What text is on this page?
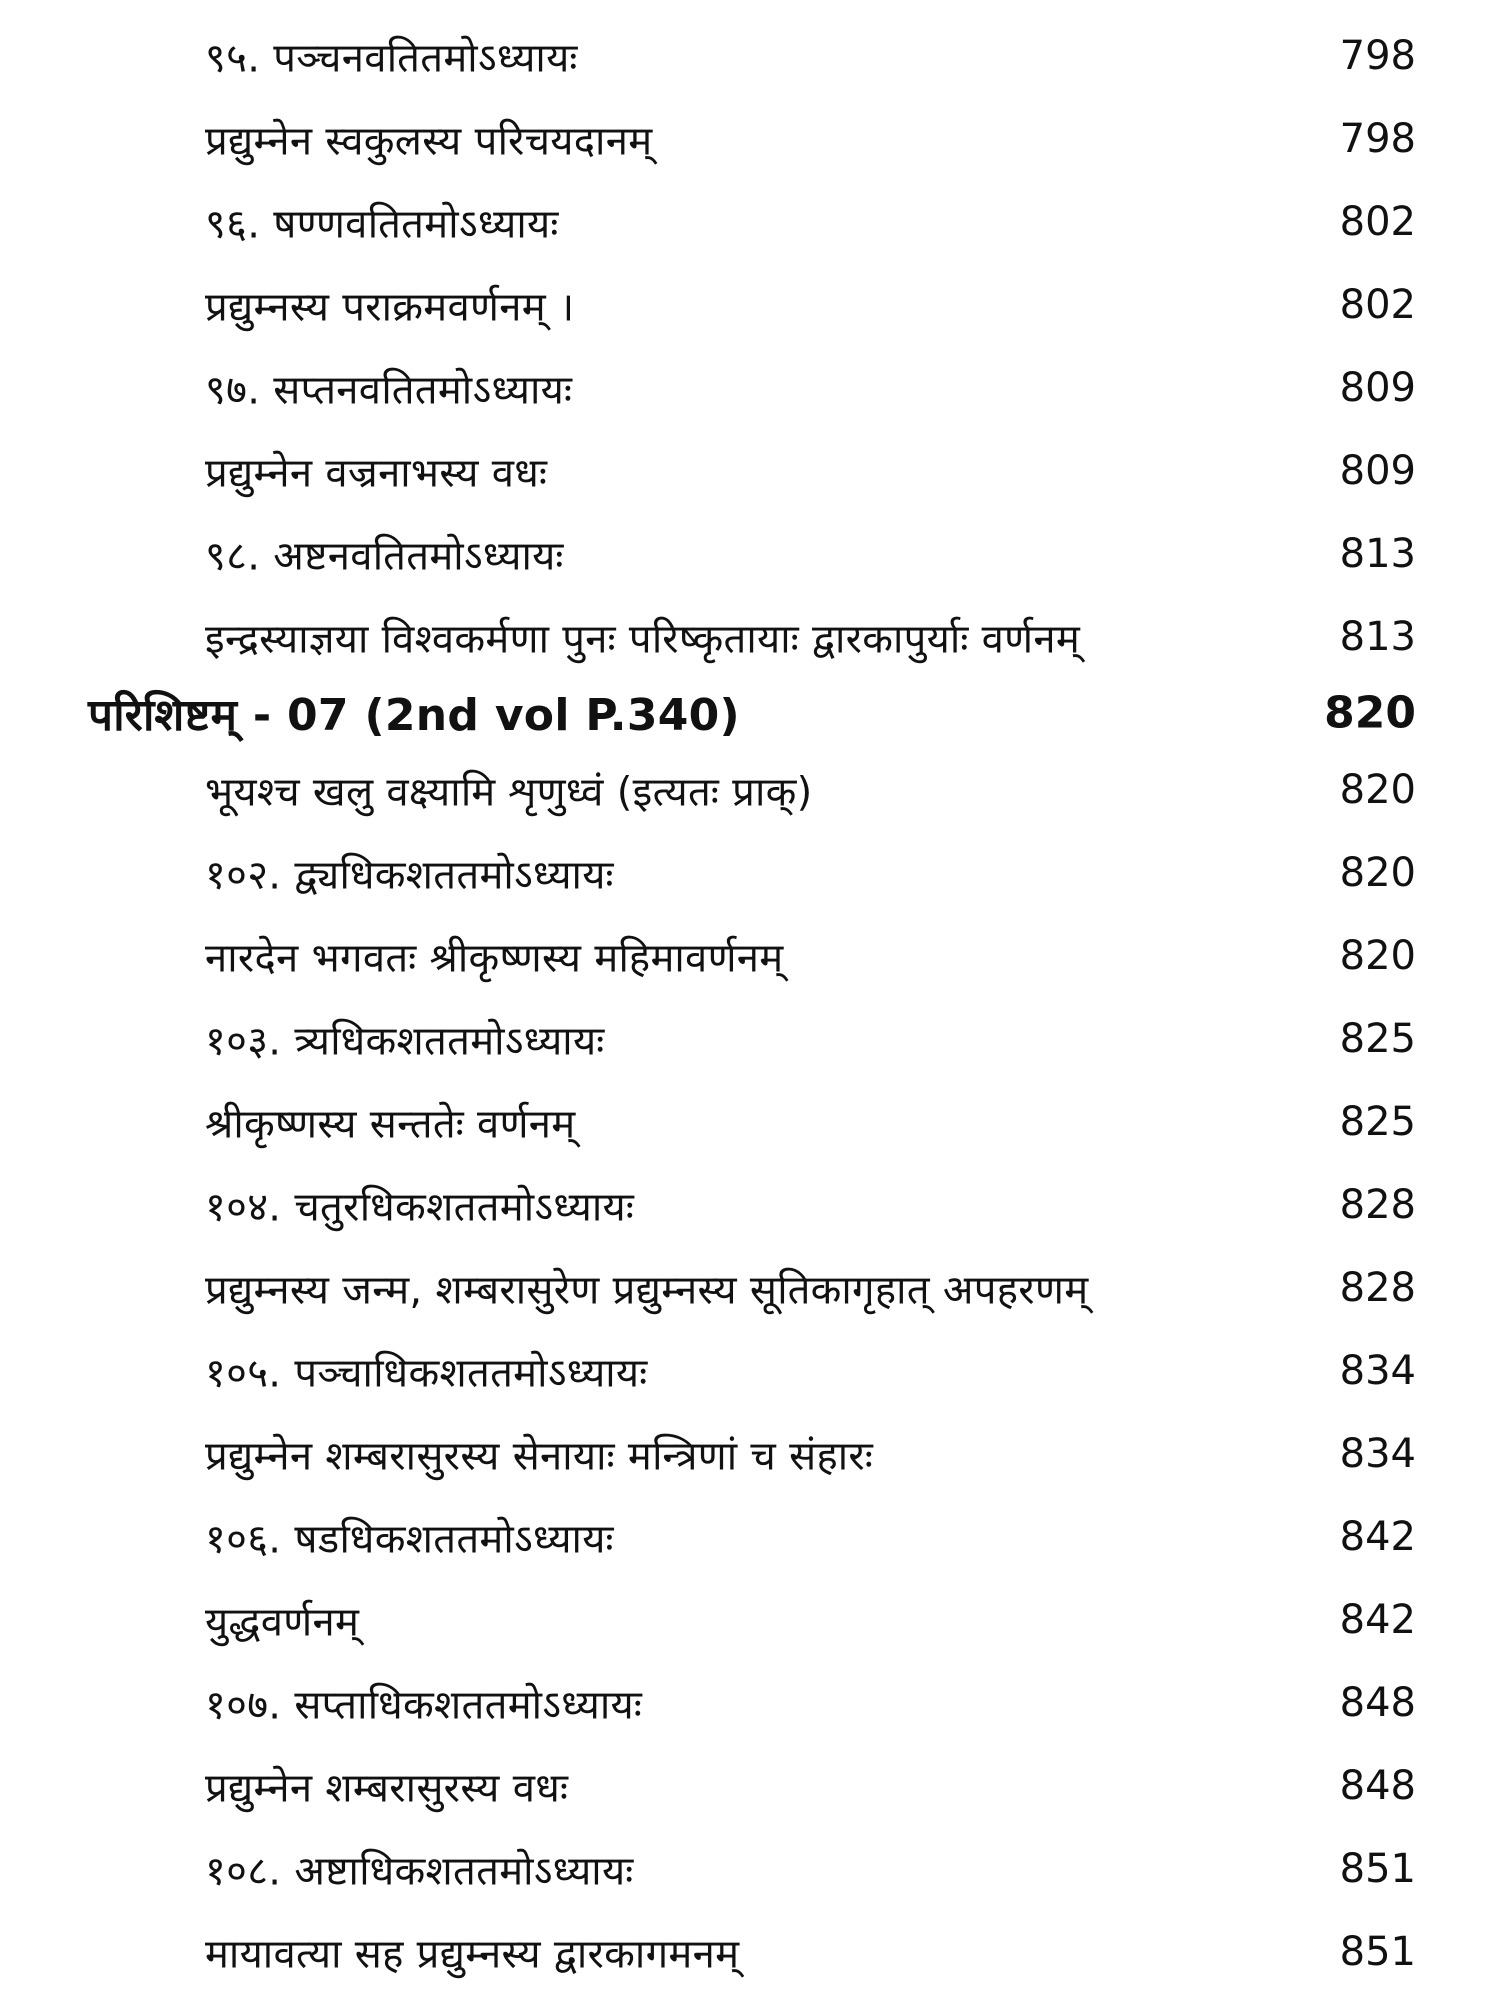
९५. पञ्चनवतितमोऽध्यायः	798
प्रद्युम्नेन स्वकुलस्य परिचयदानम्	798
९६. षण्णवतितमोऽध्यायः	802
प्रद्युम्नस्य पराक्रमवर्णनम् ।	802
९७. सप्तनवतितमोऽध्यायः	809
प्रद्युम्नेन वज्रनाभस्य वधः	809
९८. अष्टनवतितमोऽध्यायः	813
इन्द्रस्याज्ञया विश्वकर्मणा पुनः परिष्कृतायाः द्वारकापुर्याः वर्णनम्	813
परिशिष्टम् - 07 (2nd vol P.340)	820
भूयश्च खलु वक्ष्यामि शृणुध्वं (इत्यतः प्राक्)	820
१०२. द्व्यधिकशततमोऽध्यायः	820
नारदेन भगवतः श्रीकृष्णस्य महिमावर्णनम्	820
१०३. त्र्यधिकशततमोऽध्यायः	825
श्रीकृष्णस्य सन्ततेः वर्णनम्	825
१०४. चतुरधिकशततमोऽध्यायः	828
प्रद्युम्नस्य जन्म, शम्बरासुरेण प्रद्युम्नस्य सूतिकागृहात् अपहरणम्	828
१०५. पञ्चाधिकशततमोऽध्यायः	834
प्रद्युम्नेन शम्बरासुरस्य सेनायाः मन्त्रिणां च संहारः	834
१०६. षडधिकशततमोऽध्यायः	842
युद्धवर्णनम्	842
१०७. सप्ताधिकशततमोऽध्यायः	848
प्रद्युम्नेन शम्बरासुरस्य वधः	848
१०८. अष्टाधिकशततमोऽध्यायः	851
मायावत्या सह प्रद्युम्नस्य द्वारकागमनम्	851
